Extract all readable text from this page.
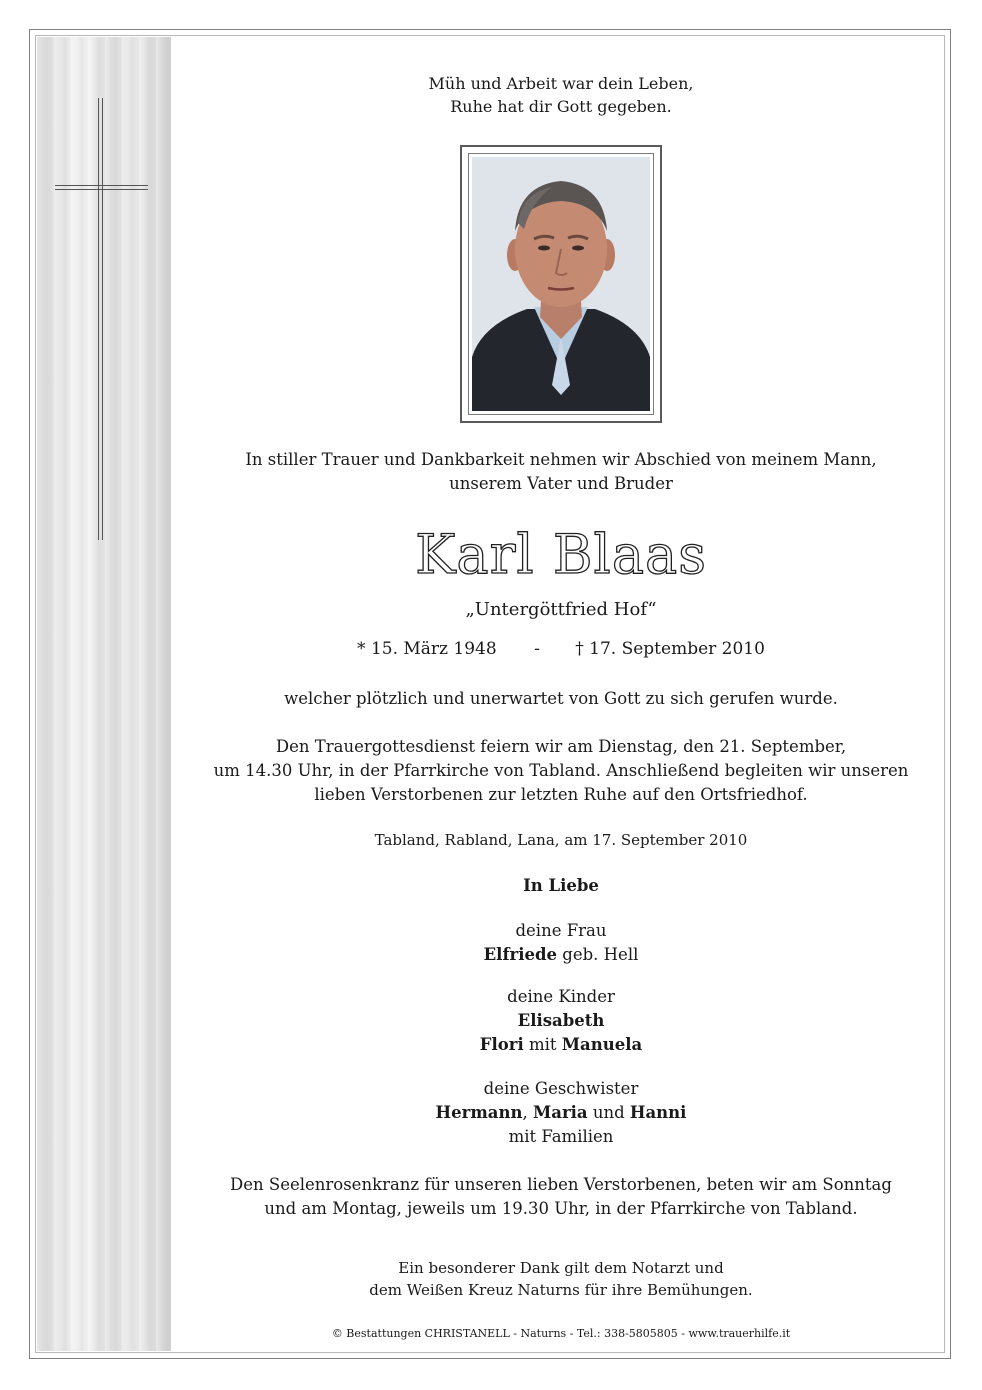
Müh und Arbeit war dein Leben,
Ruhe hat dir Gott gegeben.
In stiller Trauer und Dankbarkeit nehmen wir Abschied von meinem Mann,
unserem Vater und Bruder
Karl Blaas
„Untergöttfried Hof“
* 15. März 1948 - † 17. September 2010
welcher plötzlich und unerwartet von Gott zu sich gerufen wurde.
Den Trauergottesdienst feiern wir am Dienstag, den 21. September,
um 14.30 Uhr, in der Pfarrkirche von Tabland. Anschließend begleiten wir unseren
lieben Verstorbenen zur letzten Ruhe auf den Ortsfriedhof.
Tabland, Rabland, Lana, am 17. September 2010
In Liebe
deine Frau
Elfriede geb. Hell
deine Kinder
Elisabeth
Flori mit Manuela
deine Geschwister
Hermann, Maria und Hanni
mit Familien
Den Seelenrosenkranz für unseren lieben Verstorbenen, beten wir am Sonntag
und am Montag, jeweils um 19.30 Uhr, in der Pfarrkirche von Tabland.
Ein besonderer Dank gilt dem Notarzt und
dem Weißen Kreuz Naturns für ihre Bemühungen.
© Bestattungen CHRISTANELL - Naturns - Tel.: 338-5805805 - www.trauerhilfe.it
